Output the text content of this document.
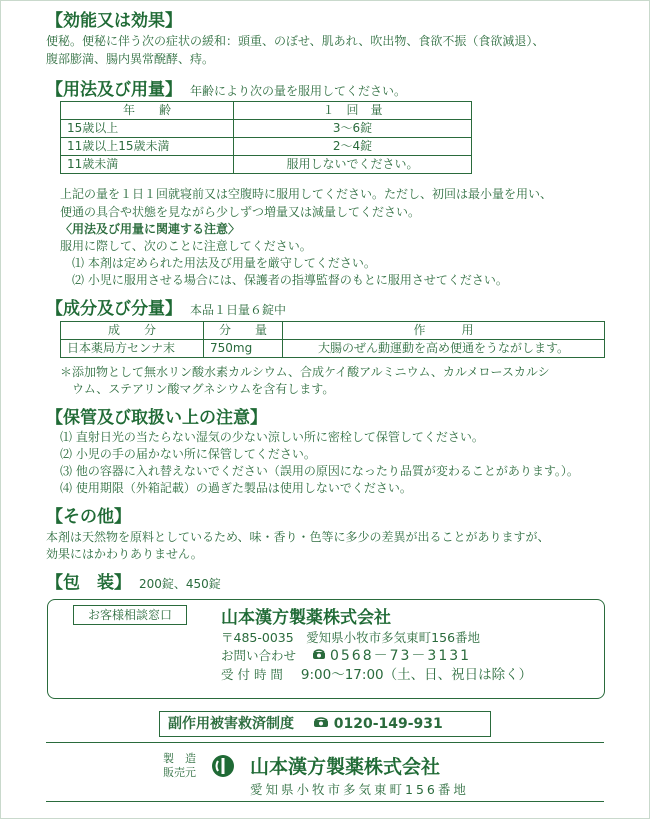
【効能又は効果】
便秘。便秘に伴う次の症状の緩和：頭重、のぼせ、肌あれ、吹出物、食欲不振（食欲減退）、
腹部膨満、腸内異常醗酵、痔。
【用法及び用量】 年齢により次の量を服用してください。
年　　齢	１　回　量
15歳以上	3～6錠
11歳以上15歳未満	2～4錠
11歳未満	服用しないでください。
上記の量を１日１回就寝前又は空腹時に服用してください。ただし、初回は最小量を用い、
便通の具合や状態を見ながら少しずつ増量又は減量してください。
〈用法及び用量に関連する注意〉
服用に際して、次のことに注意してください。
⑴ 本剤は定められた用法及び用量を厳守してください。
⑵ 小児に服用させる場合には、保護者の指導監督のもとに服用させてください。
【成分及び分量】 本品１日量６錠中
成　　分	分　　量	作　　　用
日本薬局方センナ末	750mg	大腸のぜん動運動を高め便通をうながします。
＊添加物として無水リン酸水素カルシウム、合成ケイ酸アルミニウム、カルメロースカルシ
ウム、ステアリン酸マグネシウムを含有します。
【保管及び取扱い上の注意】
⑴ 直射日光の当たらない湿気の少ない涼しい所に密栓して保管してください。
⑵ 小児の手の届かない所に保管してください。
⑶ 他の容器に入れ替えないでください（誤用の原因になったり品質が変わることがあります。）。
⑷ 使用期限（外箱記載）の過ぎた製品は使用しないでください。
【その他】
本剤は天然物を原料としているため、味・香り・色等に多少の差異が出ることがありますが、
効果にはかわりありません。
【包　装】 200錠、450錠
お客様相談窓口	山本漢方製薬株式会社
〒485-0035　愛知県小牧市多気東町156番地
お問い合わせ 0568－73－3131
受 付 時 間 9:00～17:00（土、日、祝日は除く）
副作用被害救済制度	0120-149-931
製　造
販売元	山本漢方製薬株式会社
愛知県小牧市多気東町156番地
